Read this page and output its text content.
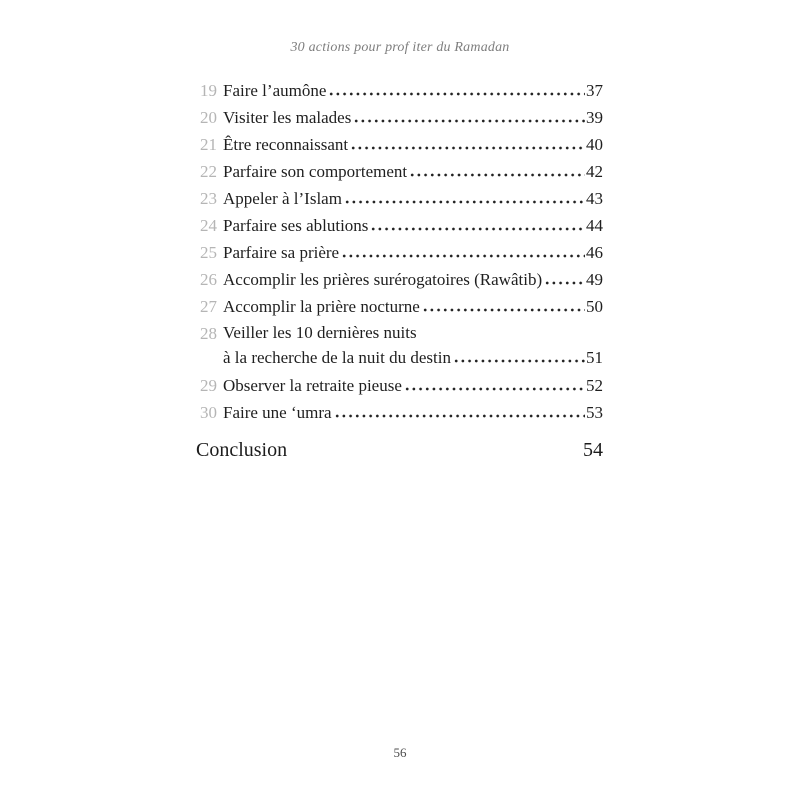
30 actions pour prof iter du Ramadan
19 Faire l’aumône	37
20 Visiter les malades	39
21 Être reconnaissant	40
22 Parfaire son comportement	42
23 Appeler à l’Islam	43
24 Parfaire ses ablutions	44
25 Parfaire sa prière	46
26 Accomplir les prières surérogatoires (Rawâtib)	49
27 Accomplir la prière nocturne	50
28 Veiller les 10 dernières nuits
à la recherche de la nuit du destin	51
29 Observer la retraite pieuse	52
30 Faire une ‘umra	53
Conclusion	54
56
